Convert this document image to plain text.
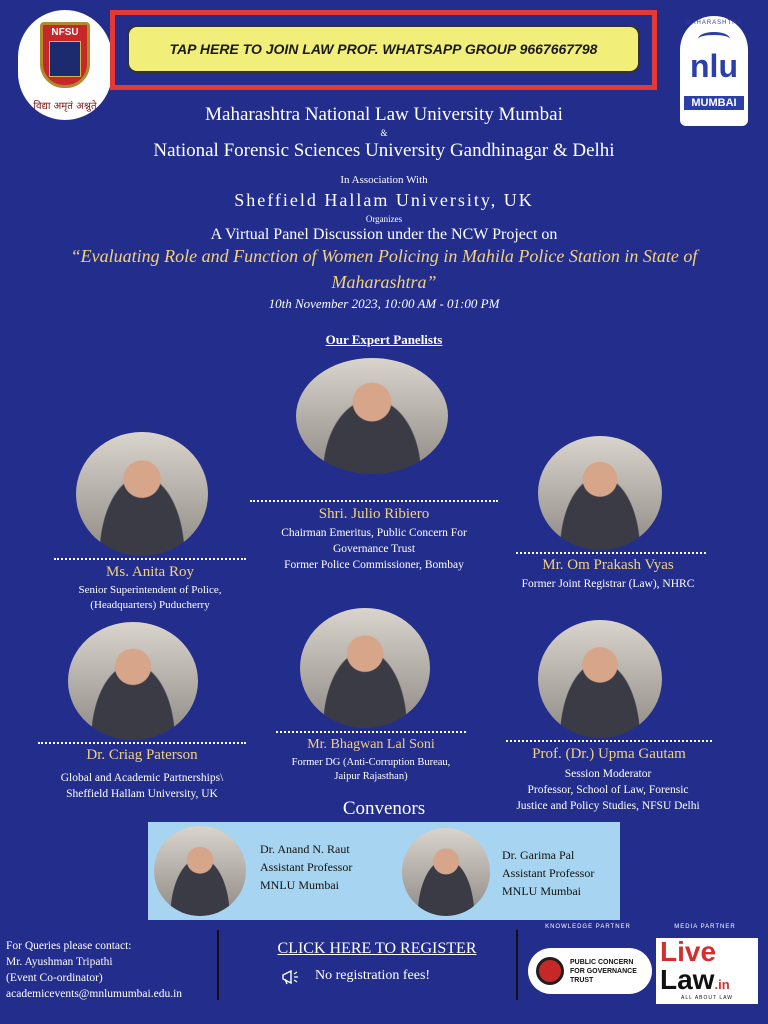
NFSU
विद्या अमृतं अश्नुते
MAHARASHTRA
nlu
MUMBAI
TAP HERE TO JOIN LAW PROF. WHATSAPP GROUP 9667667798
Maharashtra National Law University Mumbai
&
National Forensic Sciences University Gandhinagar & Delhi
In Association With
Sheffield Hallam University, UK
Organizes
A Virtual Panel Discussion under the NCW Project on
“Evaluating Role and Function of Women Policing in Mahila Police Station in State of
Maharashtra”
10th November 2023, 10:00 AM - 01:00 PM
Our Expert Panelists
Shri. Julio Ribiero
Chairman Emeritus, Public Concern For
Governance Trust
Former Police Commissioner, Bombay
Ms. Anita Roy
Senior Superintendent of Police,
(Headquarters) Puducherry
Mr. Om Prakash Vyas
Former Joint Registrar (Law), NHRC
Dr. Criag Paterson
Global and Academic Partnerships\
Sheffield Hallam University, UK
Mr. Bhagwan Lal Soni
Former DG (Anti-Corruption Bureau,
Jaipur Rajasthan)
Prof. (Dr.) Upma Gautam
Session Moderator
Professor, School of Law, Forensic
Justice and Policy Studies, NFSU Delhi
Convenors
Dr. Anand N. Raut
Assistant Professor
MNLU Mumbai
Dr. Garima Pal
Assistant Professor
MNLU Mumbai
For Queries please contact:
Mr. Ayushman Tripathi
(Event Co-ordinator)
academicevents@mnlumumbai.edu.in
CLICK HERE TO REGISTER
No registration fees!
KNOWLEDGE PARTNER	MEDIA PARTNER
PUBLIC CONCERN FOR GOVERNANCE TRUST
Live
Law.in
ALL ABOUT LAW
